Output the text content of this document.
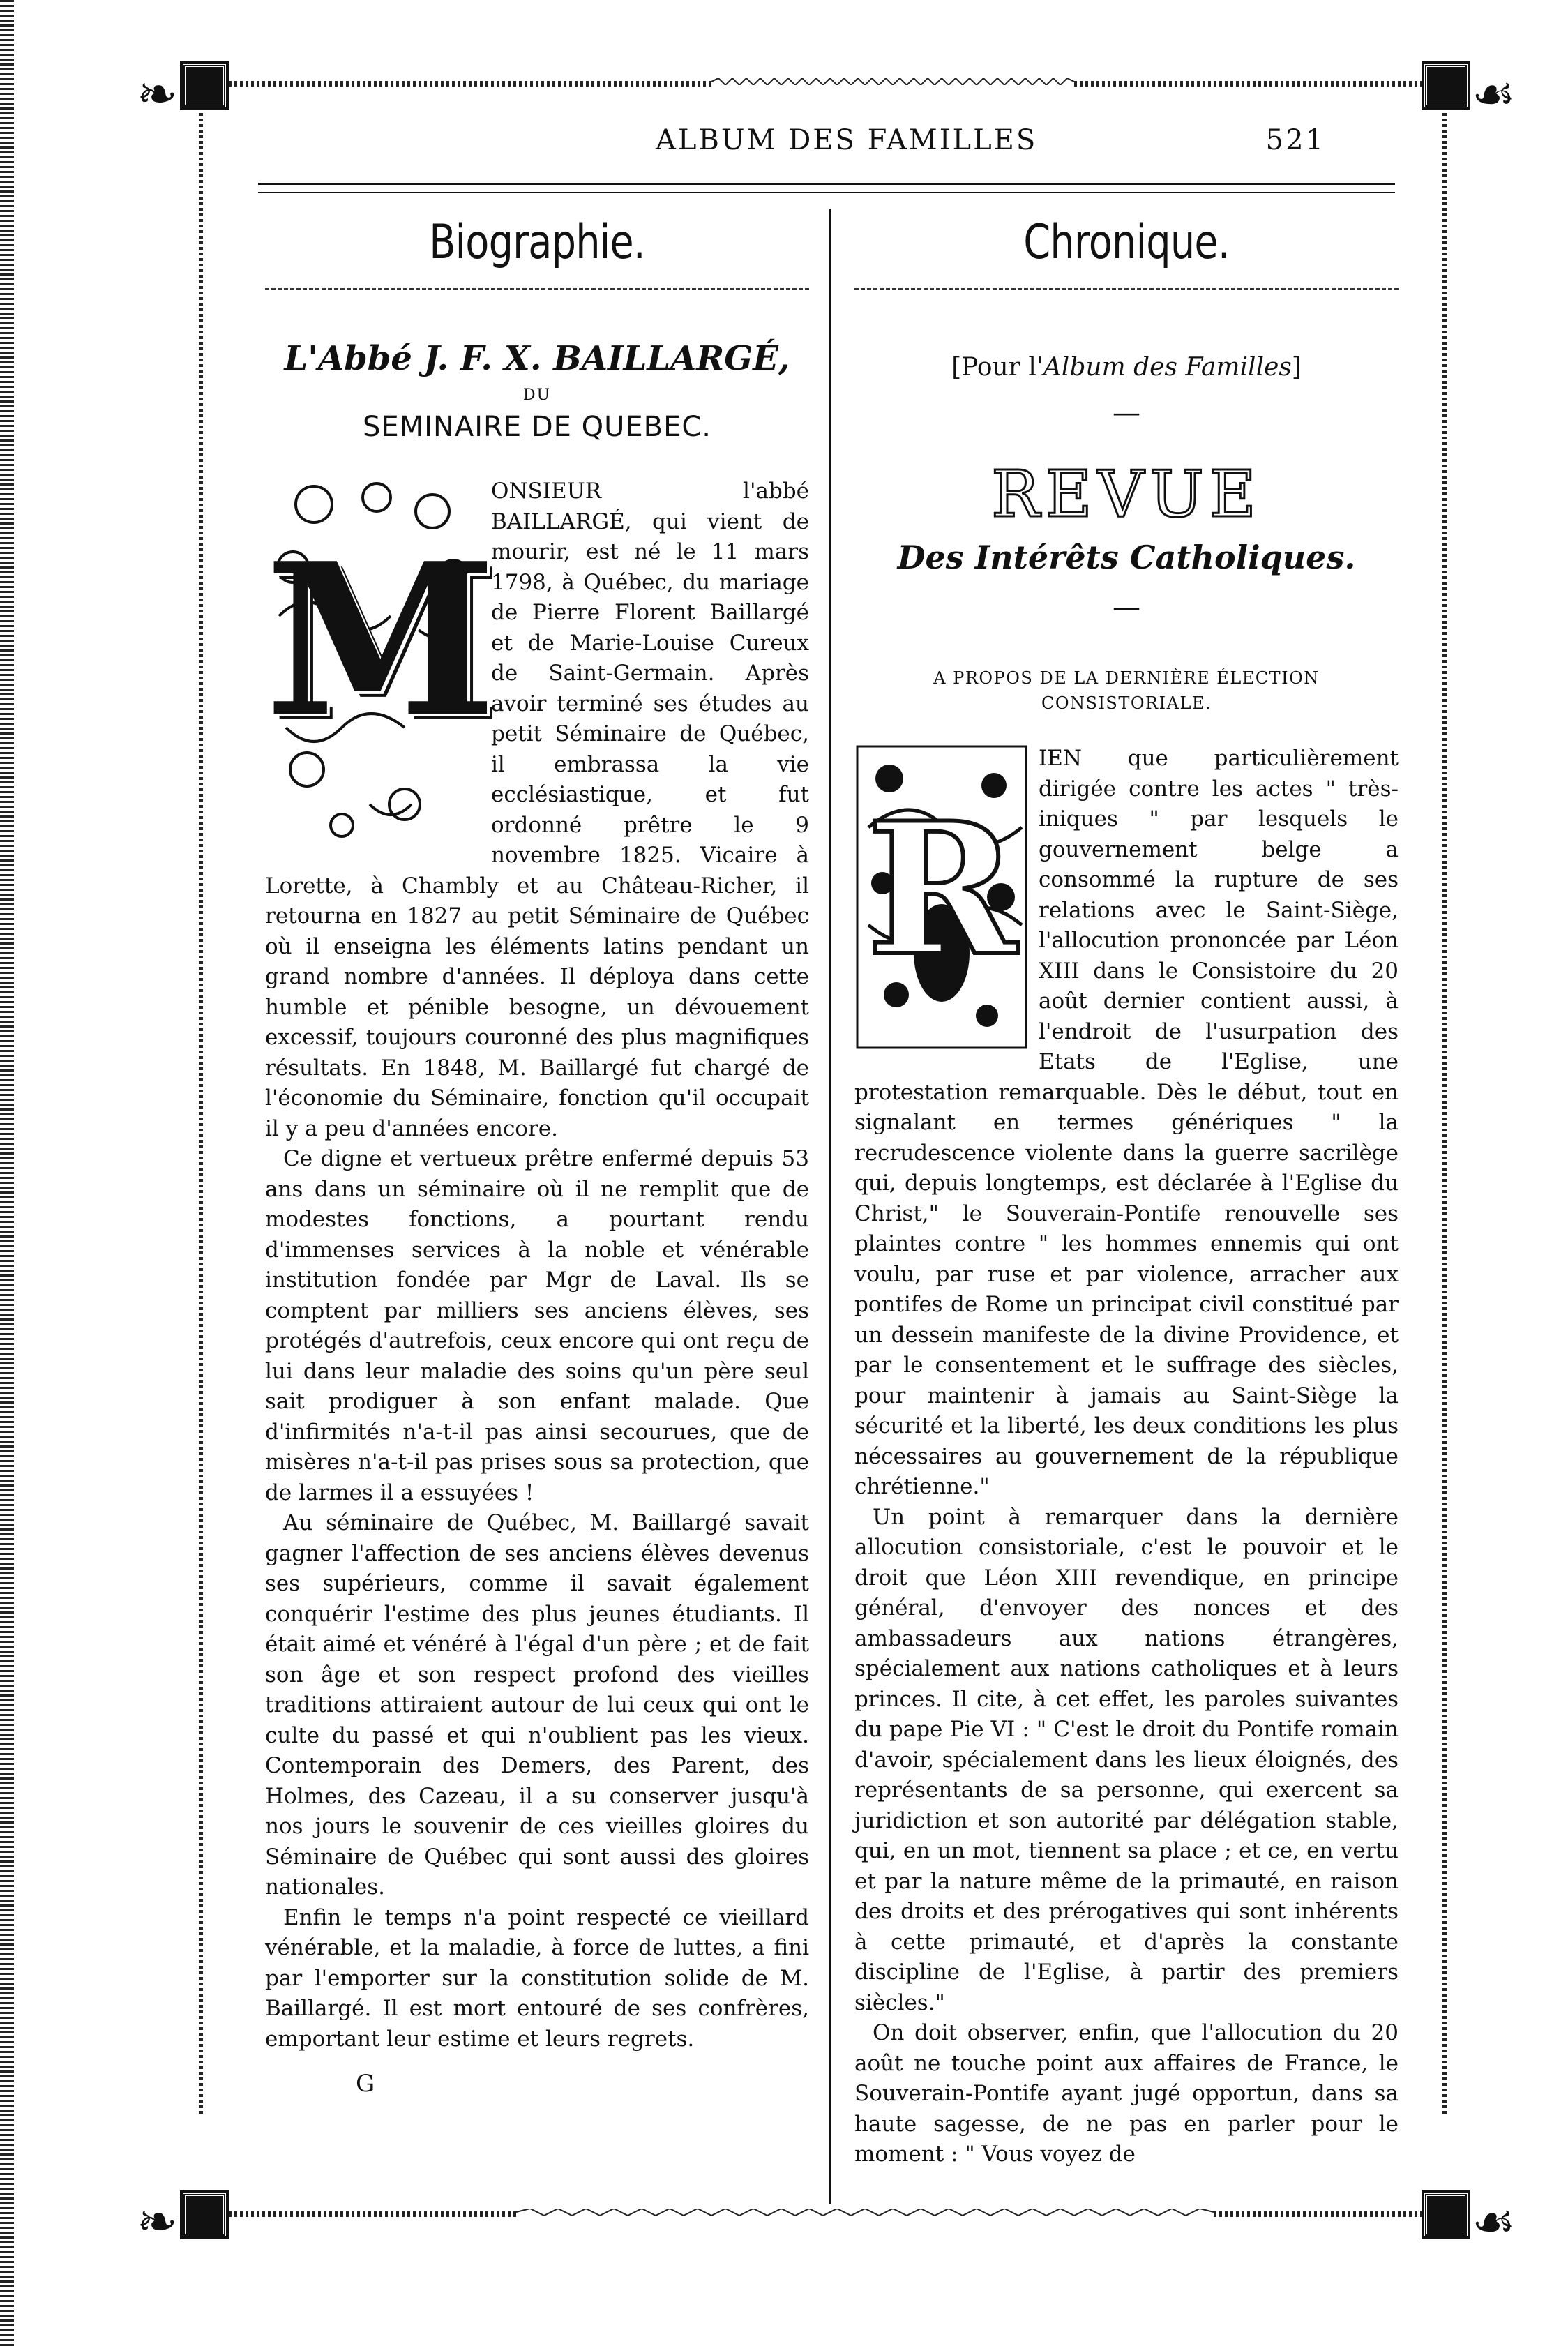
❧	☙
❧	☙
ALBUM DES FAMILLES	521
Biographie.
L'Abbé J. F. X. BAILLARGÉ,
DU
SEMINAIRE DE QUEBEC.
M

ONSIEUR l'abbé BAILLARGÉ, qui vient de mourir, est né le 11 mars 1798, à Québec, du mariage de Pierre Florent Baillargé et de Marie-Louise Cureux de Saint-Germain. Après avoir terminé ses études au petit Séminaire de Québec, il embrassa la vie ecclésiastique, et fut ordonné prêtre le 9 novembre 1825. Vicaire à Lorette, à Chambly et au Château-Richer, il retourna en 1827 au petit Séminaire de Québec où il enseigna les éléments latins pendant un grand nombre d'années. Il déploya dans cette humble et pénible besogne, un dévouement excessif, toujours couronné des plus magnifiques résultats. En 1848, M. Baillargé fut chargé de l'économie du Séminaire, fonction qu'il occupait il y a peu d'années encore.

Ce digne et vertueux prêtre enfermé depuis 53 ans dans un séminaire où il ne remplit que de modestes fonctions, a pourtant rendu d'immenses services à la noble et vénérable institution fondée par Mgr de Laval. Ils se comptent par milliers ses anciens élèves, ses protégés d'autrefois, ceux encore qui ont reçu de lui dans leur maladie des soins qu'un père seul sait prodiguer à son enfant malade. Que d'infirmités n'a-t-il pas ainsi secourues, que de misères n'a-t-il pas prises sous sa protection, que de larmes il a essuyées !

Au séminaire de Québec, M. Baillargé savait gagner l'affection de ses anciens élèves devenus ses supérieurs, comme il savait également conquérir l'estime des plus jeunes étudiants. Il était aimé et vénéré à l'égal d'un père ; et de fait son âge et son respect profond des vieilles traditions attiraient autour de lui ceux qui ont le culte du passé et qui n'oublient pas les vieux. Contemporain des Demers, des Parent, des Holmes, des Cazeau, il a su conserver jusqu'à nos jours le souvenir de ces vieilles gloires du Séminaire de Québec qui sont aussi des gloires nationales.

Enfin le temps n'a point respecté ce vieillard vénérable, et la maladie, à force de luttes, a fini par l'emporter sur la constitution solide de M. Baillargé. Il est mort entouré de ses confrères, emportant leur estime et leurs regrets.

G
Chronique.
[Pour l'Album des Familles]
—
REVUE
Des Intérêts Catholiques.
—
A PROPOS DE LA DERNIÈRE ÉLECTION CONSISTORIALE.
R

IEN que particulièrement dirigée contre les actes " très-iniques " par lesquels le gouvernement belge a consommé la rupture de ses relations avec le Saint-Siège, l'allocution prononcée par Léon XIII dans le Consistoire du 20 août dernier contient aussi, à l'endroit de l'usurpation des Etats de l'Eglise, une protestation remarquable. Dès le début, tout en signalant en termes génériques " la recrudescence violente dans la guerre sacrilège qui, depuis longtemps, est déclarée à l'Eglise du Christ," le Souverain-Pontife renouvelle ses plaintes contre " les hommes ennemis qui ont voulu, par ruse et par violence, arracher aux pontifes de Rome un principat civil constitué par un dessein manifeste de la divine Providence, et par le consentement et le suffrage des siècles, pour maintenir à jamais au Saint-Siège la sécurité et la liberté, les deux conditions les plus nécessaires au gouvernement de la république chrétienne."

Un point à remarquer dans la dernière allocution consistoriale, c'est le pouvoir et le droit que Léon XIII revendique, en principe général, d'envoyer des nonces et des ambassadeurs aux nations étrangères, spécialement aux nations catholiques et à leurs princes. Il cite, à cet effet, les paroles suivantes du pape Pie VI : " C'est le droit du Pontife romain d'avoir, spécialement dans les lieux éloignés, des représentants de sa personne, qui exercent sa juridiction et son autorité par délégation stable, qui, en un mot, tiennent sa place ; et ce, en vertu et par la nature même de la primauté, en raison des droits et des prérogatives qui sont inhérents à cette primauté, et d'après la constante discipline de l'Eglise, à partir des premiers siècles."

On doit observer, enfin, que l'allocution du 20 août ne touche point aux affaires de France, le Souverain-Pontife ayant jugé opportun, dans sa haute sagesse, de ne pas en parler pour le moment : " Vous voyez de
